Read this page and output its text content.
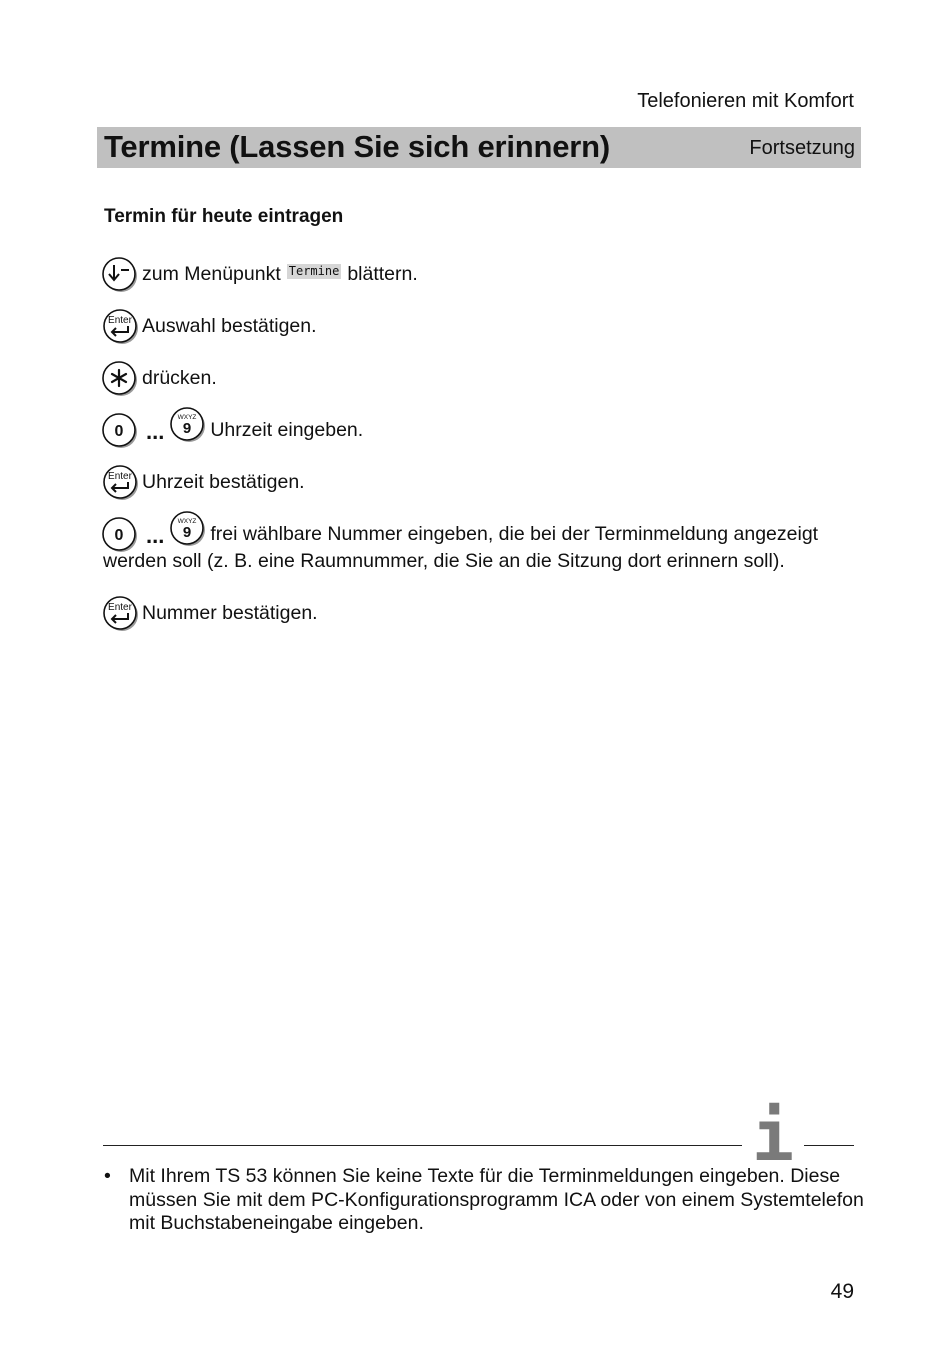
Telefonieren mit Komfort
Termine (Lassen Sie sich erinnern)	Fortsetzung
Termin für heute eintragen
zum Menüpunkt Termine blättern.
Enter Auswahl bestätigen.
drücken.
0 ...
WXYZ
9 Uhrzeit eingeben.
Enter Uhrzeit bestätigen.
0 ...
WXYZ
9 frei wählbare Nummer eingeben, die bei der Terminmeldung angezeigt
werden soll (z. B. eine Raumnummer, die Sie an die Sitzung dort erinnern soll).
Enter Nummer bestätigen.
i
• Mit Ihrem TS 53 können Sie keine Texte für die Terminmeldungen eingeben. Diese müssen Sie mit dem PC-Konfigurationsprogramm ICA oder von einem Systemtelefon mit Buchstabeneingabe eingeben.
49
